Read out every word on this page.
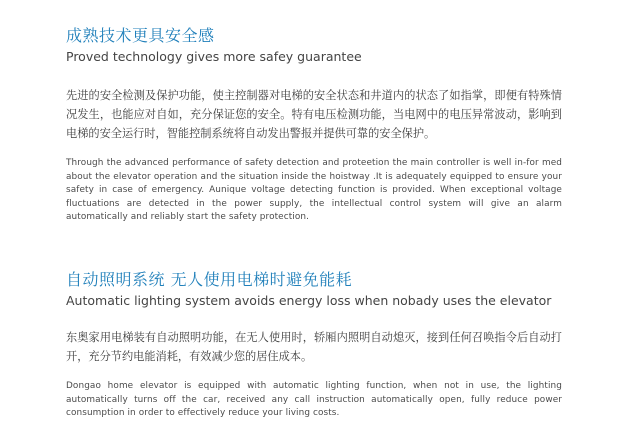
成熟技术更具安全感
Proved technology gives more safey guarantee

先进的安全检测及保护功能，使主控制器对电梯的安全状态和井道内的状态了如指掌，即便有特殊情况发生，也能应对自如，充分保证您的安全。特有电压检测功能，当电网中的电压异常波动，影响到电梯的安全运行时，智能控制系统将自动发出警报并提供可靠的安全保护。

Through the advanced performance of safety detection and proteetion the main controller is well in-for med about the elevator operation and the situation inside the hoistway .It is adequately equipped to ensure your safety in case of emergency. Aunique voltage detecting function is provided. When exceptional voltage fluctuations are detected in the power supply, the intellectual control system will give an alarm automatically and reliably start the safety protection.

自动照明系统 无人使用电梯时避免能耗
Automatic lighting system avoids energy loss when nobady uses the elevator

东奥家用电梯装有自动照明功能，在无人使用时，轿厢内照明自动熄灭，接到任何召唤指令后自动打开，充分节约电能消耗，有效减少您的居住成本。

Dongao home elevator is equipped with automatic lighting function, when not in use, the lighting automatically turns off the car, received any call instruction automatically open, fully reduce power consumption in order to effectively reduce your living costs.
